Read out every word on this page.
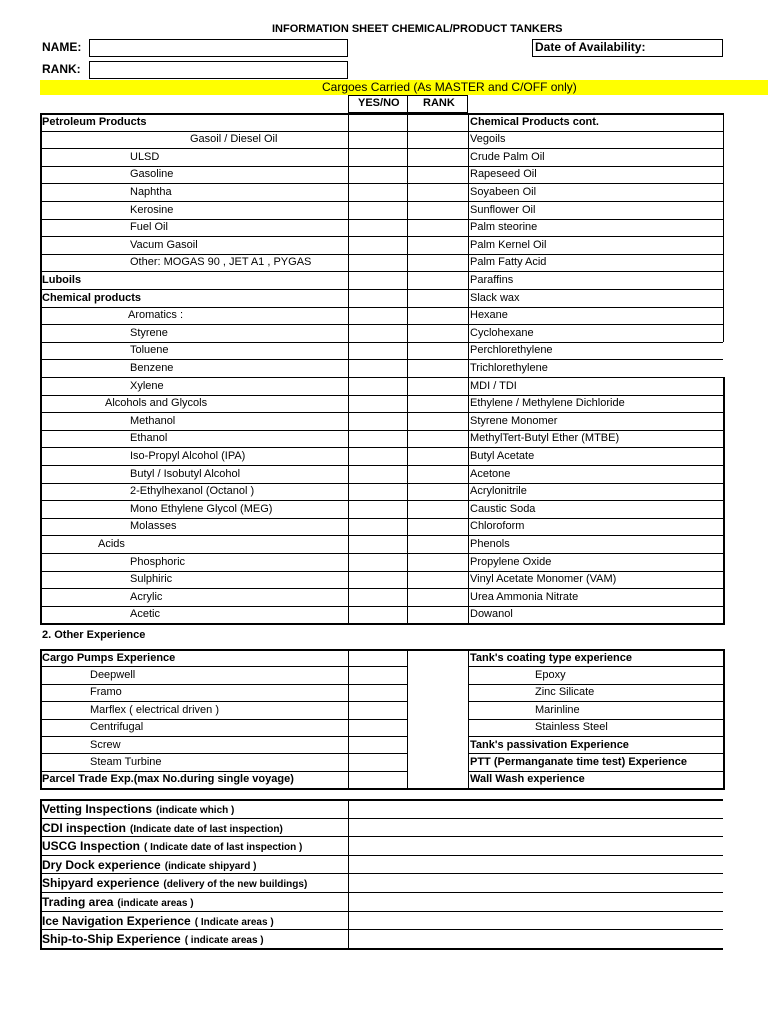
INFORMATION SHEET CHEMICAL/PRODUCT TANKERS
NAME:	Date of Availability:
RANK:
Cargoes Carried (As MASTER and C/OFF only)
YES/NO RANK
Petroleum Products	Chemical Products cont.
Gasoil / Diesel Oil	Vegoils
ULSD	Crude Palm Oil
Gasoline	Rapeseed Oil
Naphtha	Soyabeen Oil
Kerosine	Sunflower Oil
Fuel Oil	Palm steorine
Vacum Gasoil	Palm Kernel Oil
Other: MOGAS 90 , JET A1 , PYGAS	Palm Fatty Acid
Luboils	Paraffins
Chemical products	Slack wax
Aromatics :	Hexane
Styrene	Cyclohexane
Toluene	Perchlorethylene
Benzene	Trichlorethylene
Xylene	MDI / TDI
Alcohols and Glycols	Ethylene / Methylene Dichloride
Methanol	Styrene Monomer
Ethanol	MethylTert-Butyl Ether (MTBE)
Iso-Propyl Alcohol (IPA)	Butyl Acetate
Butyl / Isobutyl Alcohol	Acetone
2-Ethylhexanol (Octanol )	Acrylonitrile
Mono Ethylene Glycol (MEG)	Caustic Soda
Molasses	Chloroform
Acids	Phenols
Phosphoric	Propylene Oxide
Sulphiric	Vinyl Acetate Monomer (VAM)
Acrylic	Urea Ammonia Nitrate
Acetic	Dowanol
2. Other Experience
Cargo Pumps Experience	Tank's coating type experience
Deepwell	Epoxy
Framo	Zinc Silicate
Marflex ( electrical driven )	Marinline
Centrifugal	Stainless Steel
Screw	Tank's passivation Experience
Steam Turbine	PTT (Permanganate time test) Experience
Parcel Trade Exp.(max No.during single voyage)	Wall Wash experience
Vetting Inspections (indicate which )
CDI inspection (Indicate date of last inspection)
USCG Inspection ( Indicate date of last inspection )
Dry Dock experience (indicate shipyard )
Shipyard experience (delivery of the new buildings)
Trading area (indicate areas )
Ice Navigation Experience ( Indicate areas )
Ship-to-Ship Experience ( indicate areas )
